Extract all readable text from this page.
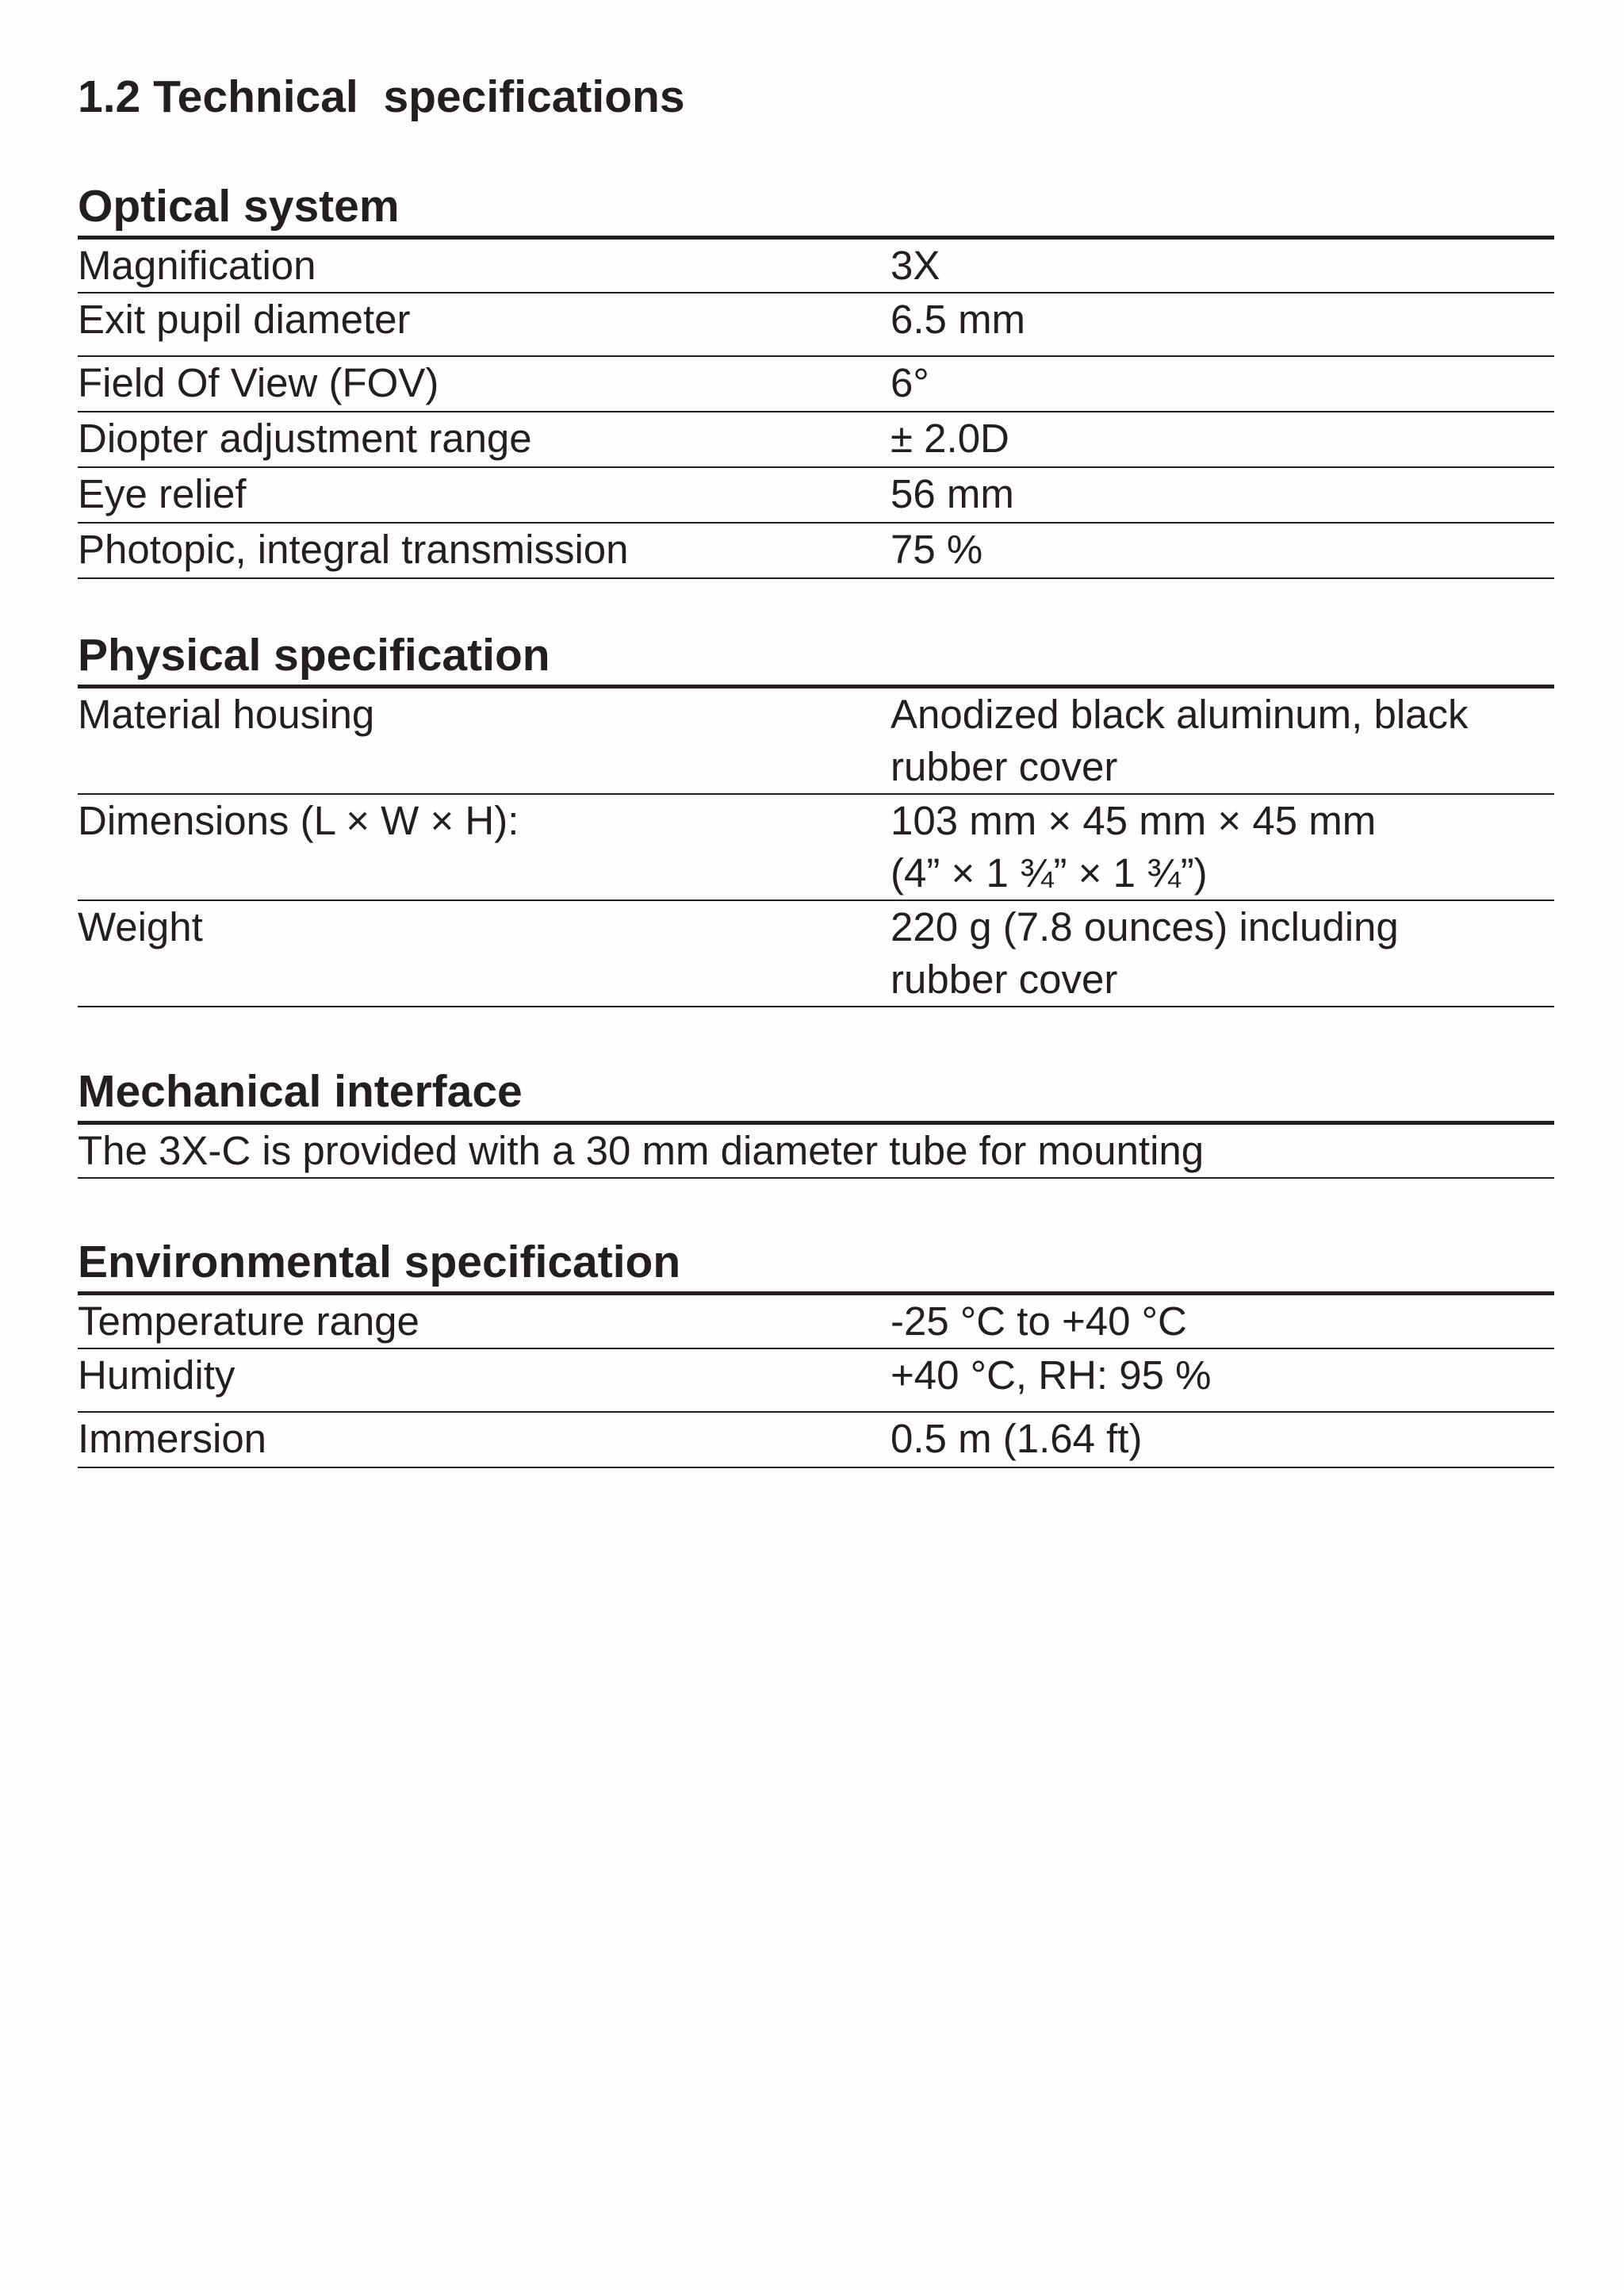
1.2 Technical  specifications
Optical system
Magnification	3X
Exit pupil diameter	6.5 mm
Field Of View (FOV)	6°
Diopter adjustment range	± 2.0D
Eye relief	56 mm
Photopic, integral transmission	75 %
Physical specification
Material housing	Anodized black aluminum, black
rubber cover
Dimensions (L × W × H):	103 mm × 45 mm × 45 mm
(4” × 1 ¾” × 1 ¾”)
Weight	220 g (7.8 ounces) including
rubber cover
Mechanical interface
The 3X-C is provided with a 30 mm diameter tube for mounting
Environmental specification
Temperature range	-25 °C to +40 °C
Humidity	+40 °C, RH: 95 %
Immersion	0.5 m (1.64 ft)
